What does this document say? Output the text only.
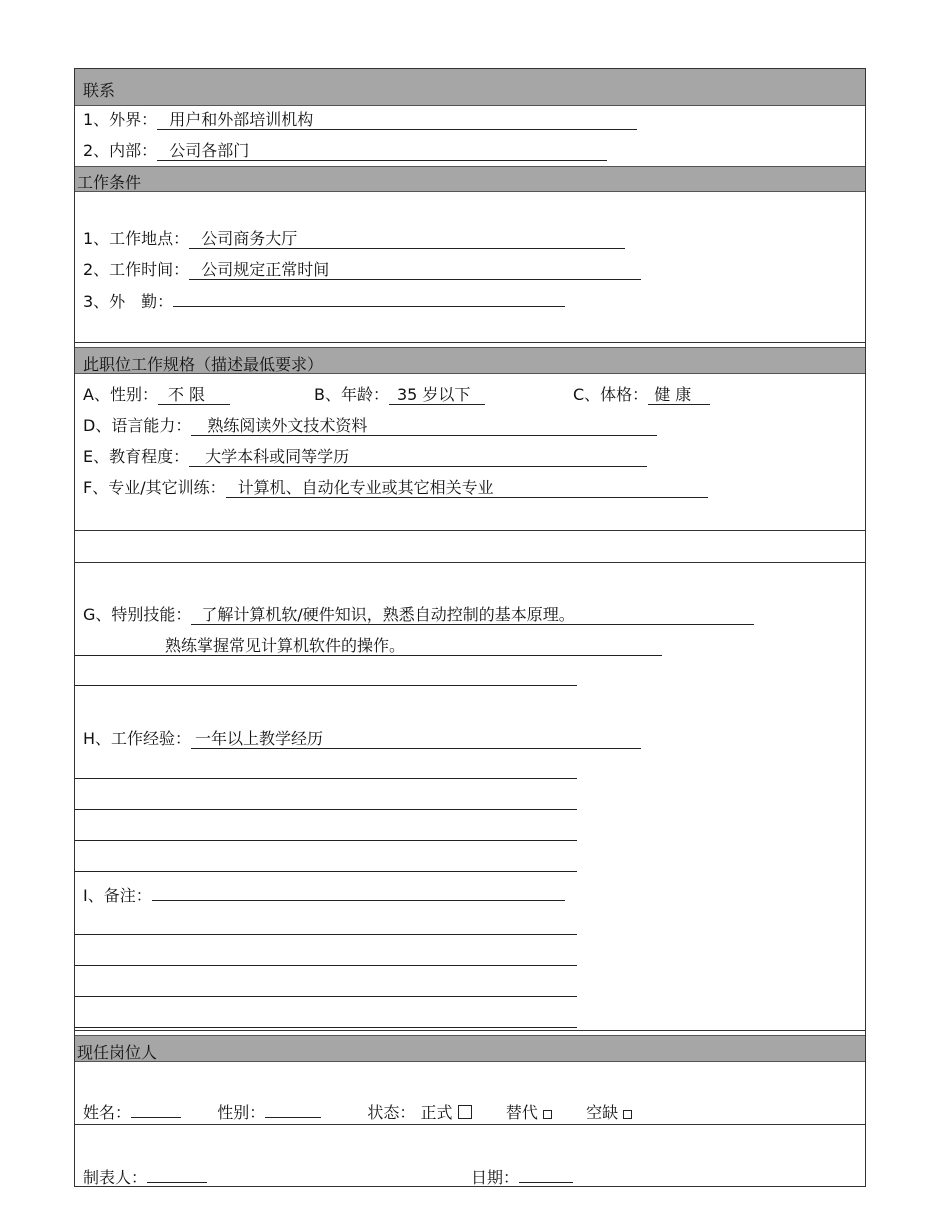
联系
1、外界： 用户和外部培训机构
2、内部： 公司各部门
工作条件
1、工作地点： 公司商务大厅
2、工作时间： 公司规定正常时间
3、外　勤：
此职位工作规格（描述最低要求）
A、性别： 不 限	B、年龄： 35 岁以下	C、体格： 健 康
D、语言能力： 熟练阅读外文技术资料
E、教育程度： 大学本科或同等学历
F、专业/其它训练： 计算机、自动化专业或其它相关专业
G、特别技能： 了解计算机软/硬件知识，熟悉自动控制的基本原理。
熟练掌握常见计算机软件的操作。
H、工作经验： 一年以上教学经历
I、备注：
现任岗位人
姓名：	性别：	状态： 正式	替代	空缺
制表人：	日期：
